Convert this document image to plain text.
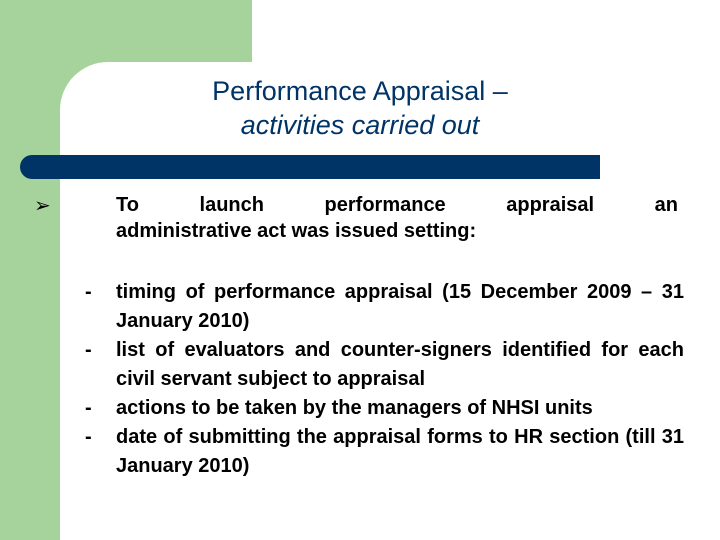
Performance Appraisal –
activities carried out
➢	To	launch	performance	appraisal	an
administrative act was issued setting:
-
-
-
-
timing of performance appraisal (15 December 2009 – 31 January 2010)
list of evaluators and counter-signers identified for each civil servant subject to appraisal
actions to be taken by the managers of NHSI units
date of submitting the appraisal forms to HR section (till 31 January 2010)
